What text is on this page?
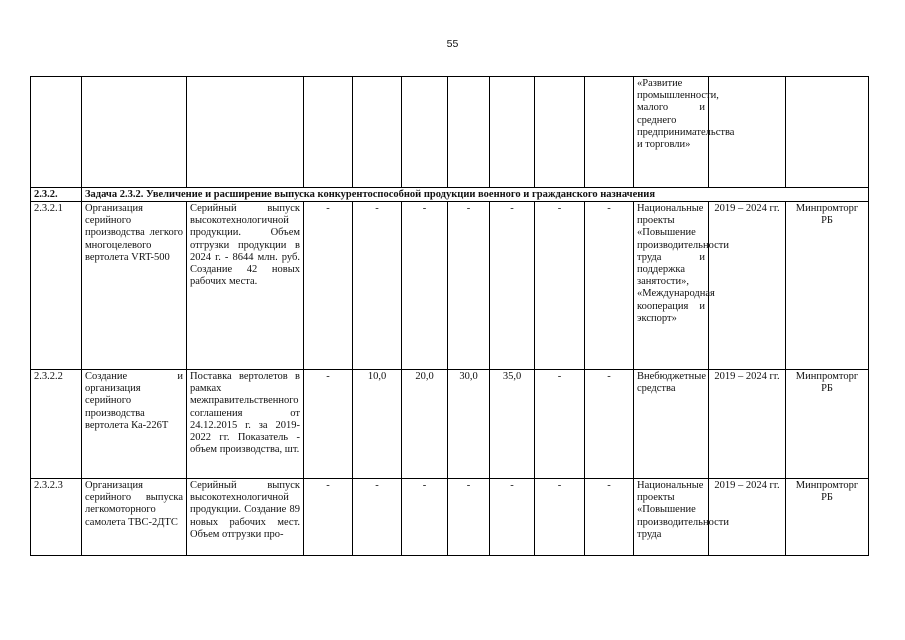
55
										«Развитие промышленности, малого и среднего предпринимательства и торговли»		
2.3.2.	Задача 2.3.2. Увеличение и расширение выпуска конкурентоспособной продукции военного и гражданского назначения											
2.3.2.1	Организация серийного производства легкого многоцелевого вертолета VRT-500	Серийный выпуск высокотехнологичной продукции. Объем отгрузки продукции в 2024 г. - 8644 млн. руб. Создание 42 новых рабочих места.	-	-	-	-	-	-	-	Национальные проекты «Повышение производительности труда и поддержка занятости», «Международная кооперация и экспорт»	2019 – 2024 гг.	Минпромторг РБ
2.3.2.2	Создание и организация серийного производства вертолета Ка-226Т	Поставка вертолетов в рамках межправительственного соглашения от 24.12.2015 г. за 2019-2022 гг. Показатель - объем производства, шт.	-	10,0	20,0	30,0	35,0	-	-	Внебюджетные средства	2019 – 2024 гг.	Минпромторг РБ
2.3.2.3	Организация серийного выпуска легкомоторного самолета ТВС-2ДТС	Серийный выпуск высокотехнологичной продукции. Создание 89 новых рабочих мест. Объем отгрузки про-	-	-	-	-	-	-	-	Национальные проекты «Повышение производительности труда	2019 – 2024 гг.	Минпромторг РБ
